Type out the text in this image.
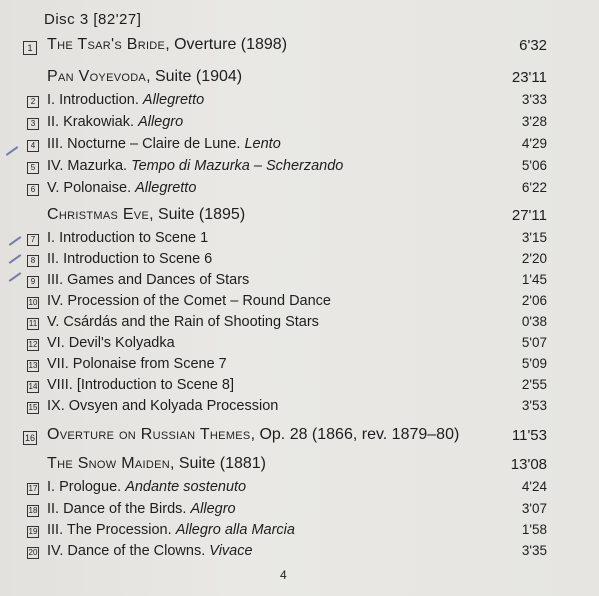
Disc 3 [82'27]
1 The Tsar's Bride, Overture (1898)	6'32
Pan Voyevoda, Suite (1904)	23'11
2 I. Introduction. Allegretto	3'33
3 II. Krakowiak. Allegro	3'28
4 III. Nocturne – Claire de Lune. Lento	4'29
5 IV. Mazurka. Tempo di Mazurka – Scherzando	5'06
6 V. Polonaise. Allegretto	6'22
Christmas Eve, Suite (1895)	27'11
7 I. Introduction to Scene 1	3'15
8 II. Introduction to Scene 6	2'20
9 III. Games and Dances of Stars	1'45
10 IV. Procession of the Comet – Round Dance	2'06
11 V. Csárdás and the Rain of Shooting Stars	0'38
12 VI. Devil's Kolyadka	5'07
13 VII. Polonaise from Scene 7	5'09
14 VIII. [Introduction to Scene 8]	2'55
15 IX. Ovsyen and Kolyada Procession	3'53
16 Overture on Russian Themes, Op. 28 (1866, rev. 1879–80)	11'53
The Snow Maiden, Suite (1881)	13'08
17 I. Prologue. Andante sostenuto	4'24
18 II. Dance of the Birds. Allegro	3'07
19 III. The Procession. Allegro alla Marcia	1'58
20 IV. Dance of the Clowns. Vivace	3'35
4
